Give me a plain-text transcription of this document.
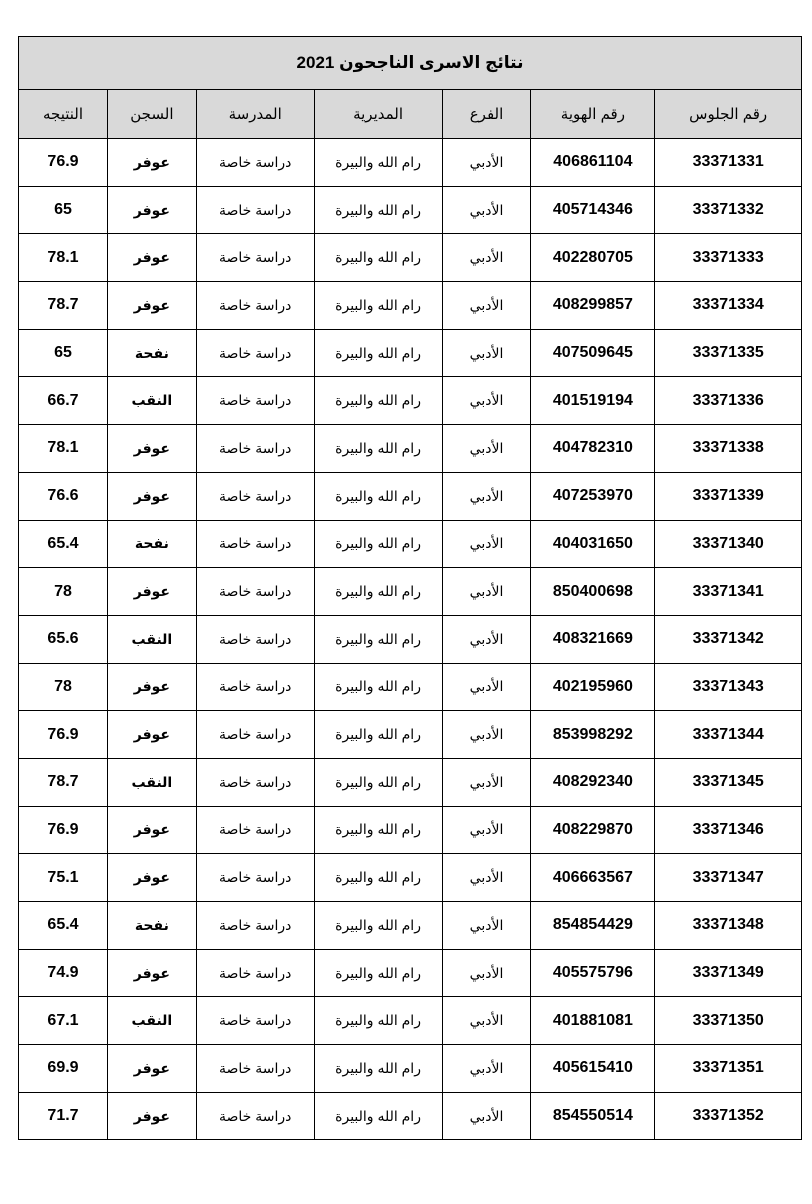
نتائج الاسرى الناجحون 2021						
رقم الجلوس	رقم الهوية	الفرع	المديرية	المدرسة	السجن	النتيجه
33371331	406861104	الأدبي	رام الله والبيرة	دراسة خاصة	عوفر	76.9
33371332	405714346	الأدبي	رام الله والبيرة	دراسة خاصة	عوفر	65
33371333	402280705	الأدبي	رام الله والبيرة	دراسة خاصة	عوفر	78.1
33371334	408299857	الأدبي	رام الله والبيرة	دراسة خاصة	عوفر	78.7
33371335	407509645	الأدبي	رام الله والبيرة	دراسة خاصة	نفحة	65
33371336	401519194	الأدبي	رام الله والبيرة	دراسة خاصة	النقب	66.7
33371338	404782310	الأدبي	رام الله والبيرة	دراسة خاصة	عوفر	78.1
33371339	407253970	الأدبي	رام الله والبيرة	دراسة خاصة	عوفر	76.6
33371340	404031650	الأدبي	رام الله والبيرة	دراسة خاصة	نفحة	65.4
33371341	850400698	الأدبي	رام الله والبيرة	دراسة خاصة	عوفر	78
33371342	408321669	الأدبي	رام الله والبيرة	دراسة خاصة	النقب	65.6
33371343	402195960	الأدبي	رام الله والبيرة	دراسة خاصة	عوفر	78
33371344	853998292	الأدبي	رام الله والبيرة	دراسة خاصة	عوفر	76.9
33371345	408292340	الأدبي	رام الله والبيرة	دراسة خاصة	النقب	78.7
33371346	408229870	الأدبي	رام الله والبيرة	دراسة خاصة	عوفر	76.9
33371347	406663567	الأدبي	رام الله والبيرة	دراسة خاصة	عوفر	75.1
33371348	854854429	الأدبي	رام الله والبيرة	دراسة خاصة	نفحة	65.4
33371349	405575796	الأدبي	رام الله والبيرة	دراسة خاصة	عوفر	74.9
33371350	401881081	الأدبي	رام الله والبيرة	دراسة خاصة	النقب	67.1
33371351	405615410	الأدبي	رام الله والبيرة	دراسة خاصة	عوفر	69.9
33371352	854550514	الأدبي	رام الله والبيرة	دراسة خاصة	عوفر	71.7
